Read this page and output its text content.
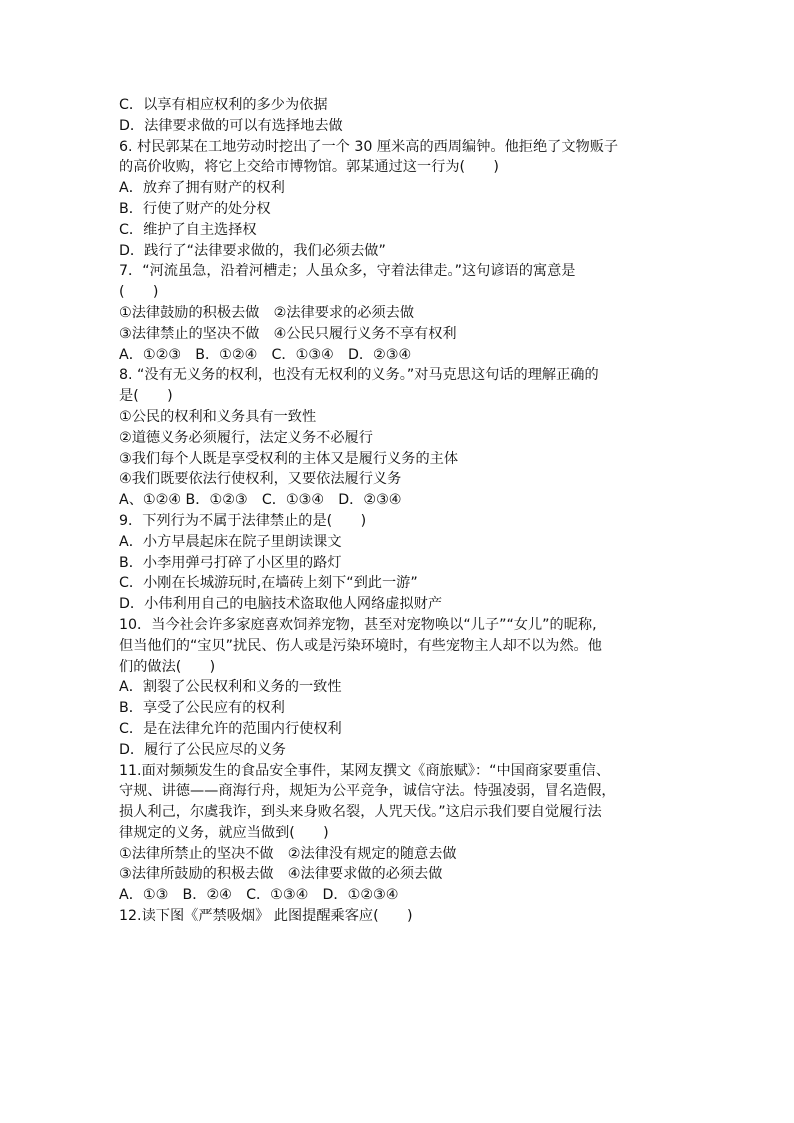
C．以享有相应权利的多少为依据
D．法律要求做的可以有选择地去做
6. 村民郭某在工地劳动时挖出了一个 30 厘米高的西周编钟。他拒绝了文物贩子
的高价收购，将它上交给市博物馆。郭某通过这一行为(　　)
A．放弃了拥有财产的权利
B．行使了财产的处分权
C．维护了自主选择权
D．践行了“法律要求做的，我们必须去做”
7．“河流虽急，沿着河槽走；人虽众多，守着法律走。”这句谚语的寓意是
(　　)
①法律鼓励的积极去做　②法律要求的必须去做
③法律禁止的坚决不做　④公民只履行义务不享有权利
A．①②③　B．①②④　C．①③④　D．②③④
8. “没有无义务的权利，也没有无权利的义务。”对马克思这句话的理解正确的
是(　　)
①公民的权利和义务具有一致性
②道德义务必须履行，法定义务不必履行
③我们每个人既是享受权利的主体又是履行义务的主体
④我们既要依法行使权利，又要依法履行义务
A、①②④ B．①②③　C．①③④　D．②③④
9．下列行为不属于法律禁止的是(　　)
A．小方早晨起床在院子里朗读课文
B．小李用弹弓打碎了小区里的路灯
C．小刚在长城游玩时,在墙砖上刻下“到此一游”
D．小伟利用自己的电脑技术盗取他人网络虚拟财产
10．当今社会许多家庭喜欢饲养宠物，甚至对宠物唤以“儿子”“女儿”的昵称,
但当他们的“宝贝”扰民、伤人或是污染环境时，有些宠物主人却不以为然。他
们的做法(　　)
A．割裂了公民权利和义务的一致性
B．享受了公民应有的权利
C．是在法律允许的范围内行使权利
D．履行了公民应尽的义务
11.面对频频发生的食品安全事件，某网友撰文《商旅赋》：“中国商家要重信、
守规、讲德——商海行舟，规矩为公平竞争，诚信守法。恃强凌弱，冒名造假，
损人利己，尔虞我诈，到头来身败名裂，人咒天伐。”这启示我们要自觉履行法
律规定的义务，就应当做到(　　)
①法律所禁止的坚决不做　②法律没有规定的随意去做
③法律所鼓励的积极去做　④法律要求做的必须去做
A．①③　B．②④　C．①③④　D．①②③④
12.读下图《严禁吸烟》 此图提醒乘客应(　　)
